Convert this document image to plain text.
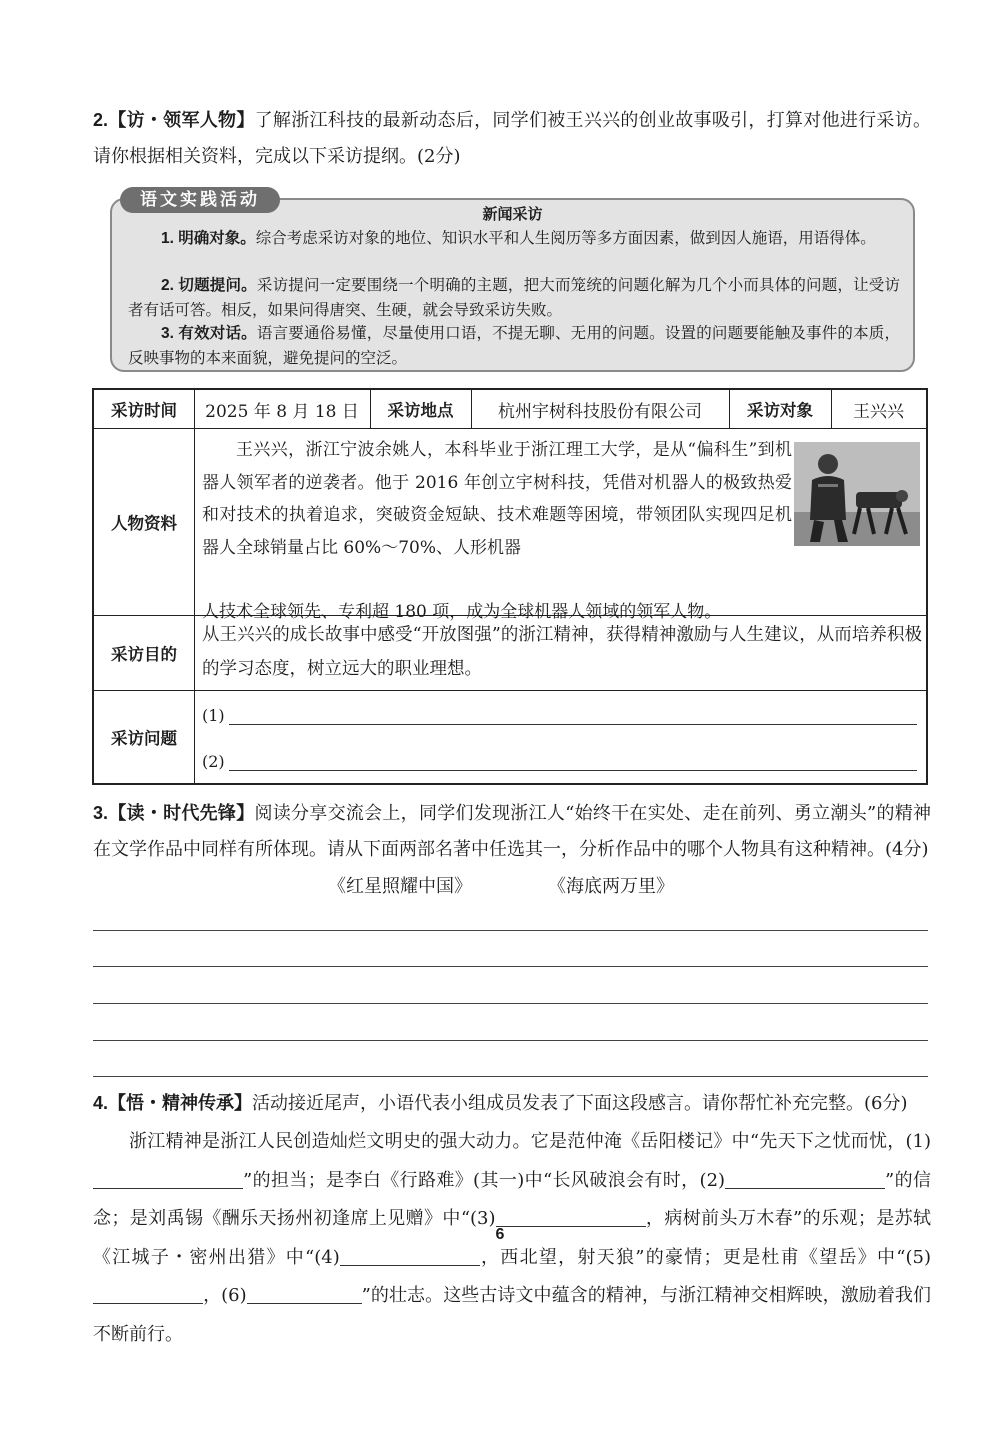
2.【访・领军人物】了解浙江科技的最新动态后，同学们被王兴兴的创业故事吸引，打算对他进行采访。请你根据相关资料，完成以下采访提纲。(2分)
语文实践活动
新闻采访
1. 明确对象。综合考虑采访对象的地位、知识水平和人生阅历等多方面因素，做到因人施语，用语得体。
2. 切题提问。采访提问一定要围绕一个明确的主题，把大而笼统的问题化解为几个小而具体的问题，让受访者有话可答。相反，如果问得唐突、生硬，就会导致采访失败。
3. 有效对话。语言要通俗易懂，尽量使用口语，不提无聊、无用的问题。设置的问题要能触及事件的本质，反映事物的本来面貌，避免提问的空泛。
采访时间	2025 年 8 月 18 日	采访地点	杭州宇树科技股份有限公司	采访对象	王兴兴
人物资料
王兴兴，浙江宁波余姚人，本科毕业于浙江理工大学，是从“偏科生”到机器人领军者的逆袭者。他于 2016 年创立宇树科技，凭借对机器人的极致热爱和对技术的执着追求，突破资金短缺、技术难题等困境，带领团队实现四足机器人全球销量占比 60%～70%、人形机器
人技术全球领先、专利超 180 项，成为全球机器人领域的领军人物。
采访目的
从王兴兴的成长故事中感受“开放图强”的浙江精神，获得精神激励与人生建议，从而培养积极的学习态度，树立远大的职业理想。
采访问题
(1)
(2)
3.【读・时代先锋】阅读分享交流会上，同学们发现浙江人“始终干在实处、走在前列、勇立潮头”的精神在文学作品中同样有所体现。请从下面两部名著中任选其一，分析作品中的哪个人物具有这种精神。(4分)
《红星照耀中国》	《海底两万里》
4.【悟・精神传承】活动接近尾声，小语代表小组成员发表了下面这段感言。请你帮忙补充完整。(6分)
浙江精神是浙江人民创造灿烂文明史的强大动力。它是范仲淹《岳阳楼记》中“先天下之忧而忧，(1)”的担当；是李白《行路难》(其一)中“长风破浪会有时，(2)	”的信念；是刘禹锡《酬乐天扬州初逢席上见赠》中“(3)	，病树前头万木春”的乐观；是苏轼《江城子・密州出猎》中“(4)	，西北望，射天狼”的豪情；更是杜甫《望岳》中“(5)，(6)	”的壮志。这些古诗文中蕴含的精神，与浙江精神交相辉映，激励着我们不断前行。
6
